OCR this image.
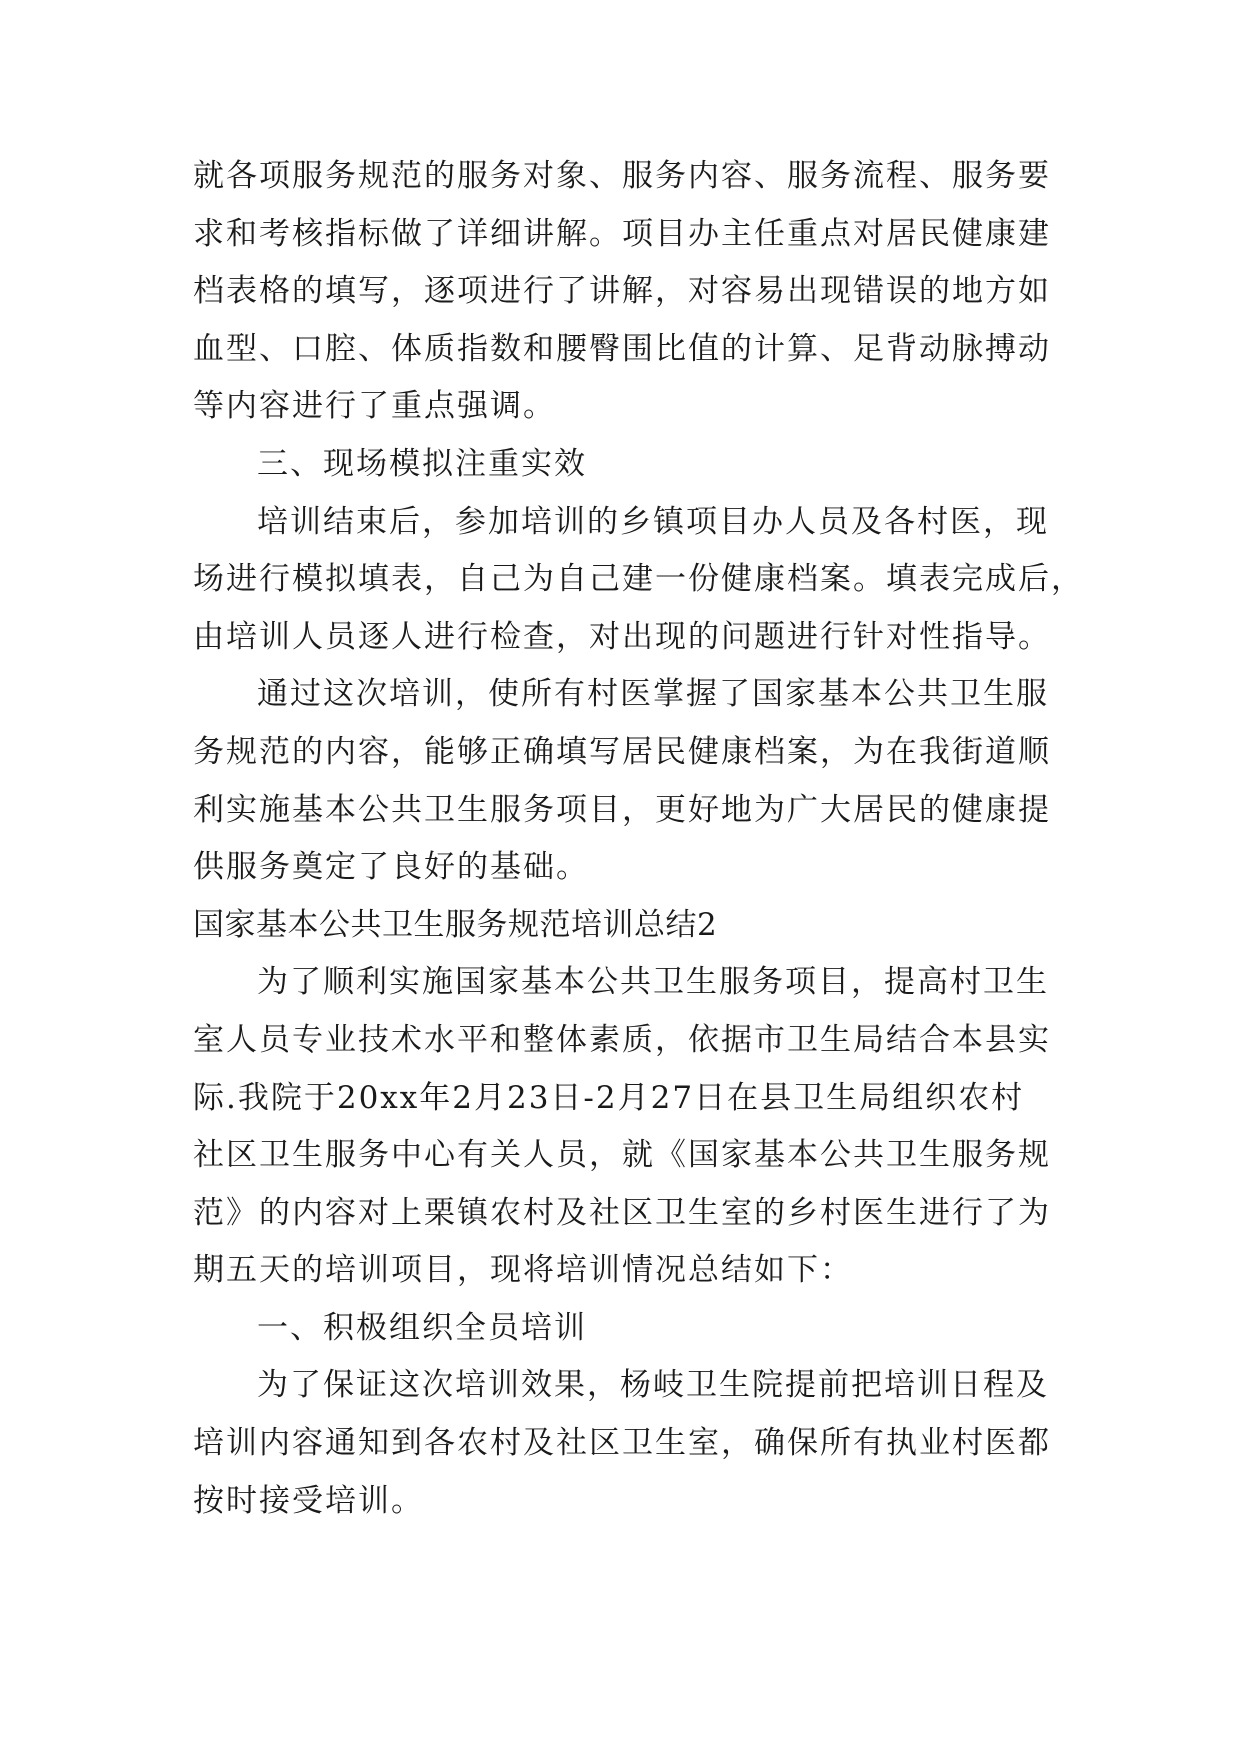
就各项服务规范的服务对象、服务内容、服务流程、服务要
求和考核指标做了详细讲解。项目办主任重点对居民健康建
档表格的填写，逐项进行了讲解，对容易出现错误的地方如
血型、口腔、体质指数和腰臀围比值的计算、足背动脉搏动
等内容进行了重点强调。
三、现场模拟注重实效
培训结束后，参加培训的乡镇项目办人员及各村医，现
场进行模拟填表，自己为自己建一份健康档案。填表完成后，
由培训人员逐人进行检查，对出现的问题进行针对性指导。
通过这次培训，使所有村医掌握了国家基本公共卫生服
务规范的内容，能够正确填写居民健康档案，为在我街道顺
利实施基本公共卫生服务项目，更好地为广大居民的健康提
供服务奠定了良好的基础。
国家基本公共卫生服务规范培训总结2
为了顺利实施国家基本公共卫生服务项目，提高村卫生
室人员专业技术水平和整体素质，依据市卫生局结合本县实
际.我院于20xx年2月23日-2月27日在县卫生局组织农村
社区卫生服务中心有关人员，就《国家基本公共卫生服务规
范》的内容对上栗镇农村及社区卫生室的乡村医生进行了为
期五天的培训项目，现将培训情况总结如下：
一、积极组织全员培训
为了保证这次培训效果，杨岐卫生院提前把培训日程及
培训内容通知到各农村及社区卫生室，确保所有执业村医都
按时接受培训。
